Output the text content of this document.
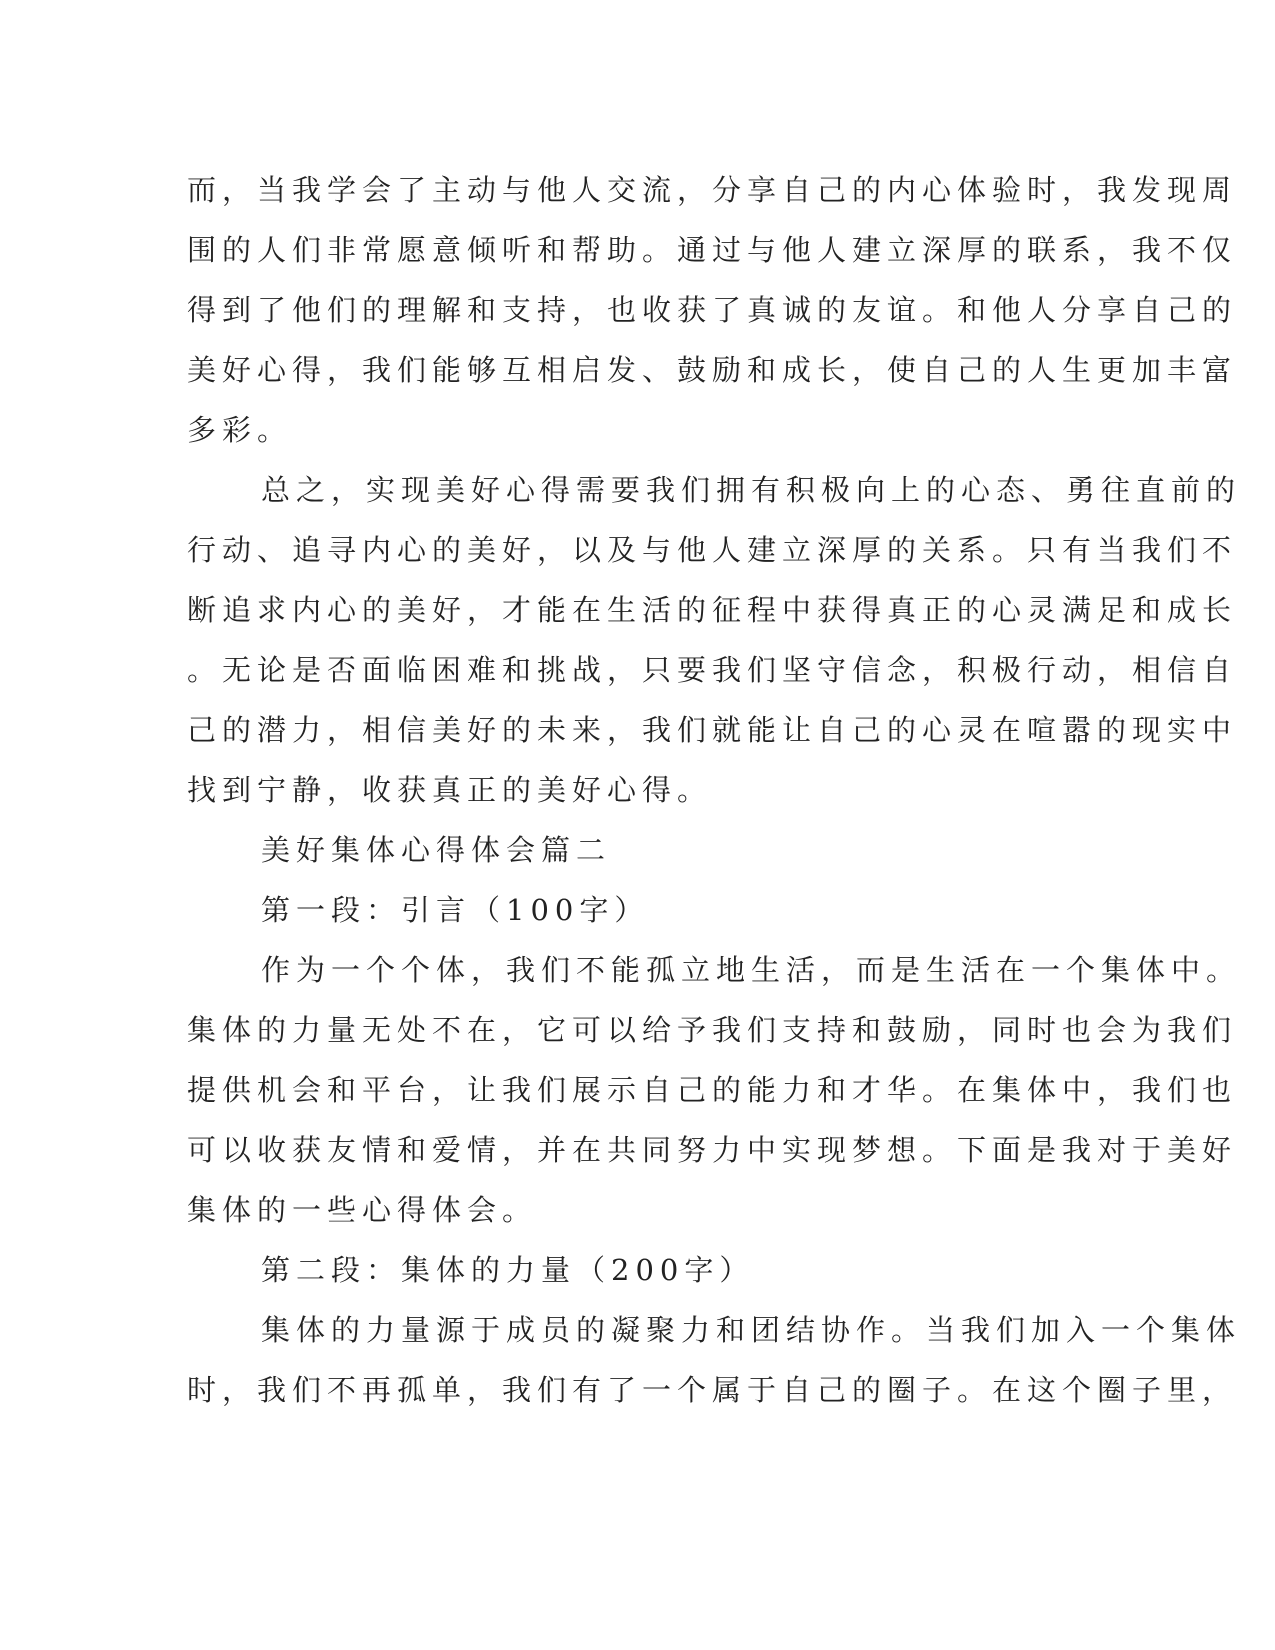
而，当我学会了主动与他人交流，分享自己的内心体验时，我发现周
围的人们非常愿意倾听和帮助。通过与他人建立深厚的联系，我不仅
得到了他们的理解和支持，也收获了真诚的友谊。和他人分享自己的
美好心得，我们能够互相启发、鼓励和成长，使自己的人生更加丰富
多彩。
总之，实现美好心得需要我们拥有积极向上的心态、勇往直前的
行动、追寻内心的美好，以及与他人建立深厚的关系。只有当我们不
断追求内心的美好，才能在生活的征程中获得真正的心灵满足和成长
。无论是否面临困难和挑战，只要我们坚守信念，积极行动，相信自
己的潜力，相信美好的未来，我们就能让自己的心灵在喧嚣的现实中
找到宁静，收获真正的美好心得。
美好集体心得体会篇二
第一段：引言（100字）
作为一个个体，我们不能孤立地生活，而是生活在一个集体中。
集体的力量无处不在，它可以给予我们支持和鼓励，同时也会为我们
提供机会和平台，让我们展示自己的能力和才华。在集体中，我们也
可以收获友情和爱情，并在共同努力中实现梦想。下面是我对于美好
集体的一些心得体会。
第二段：集体的力量（200字）
集体的力量源于成员的凝聚力和团结协作。当我们加入一个集体
时，我们不再孤单，我们有了一个属于自己的圈子。在这个圈子里，
